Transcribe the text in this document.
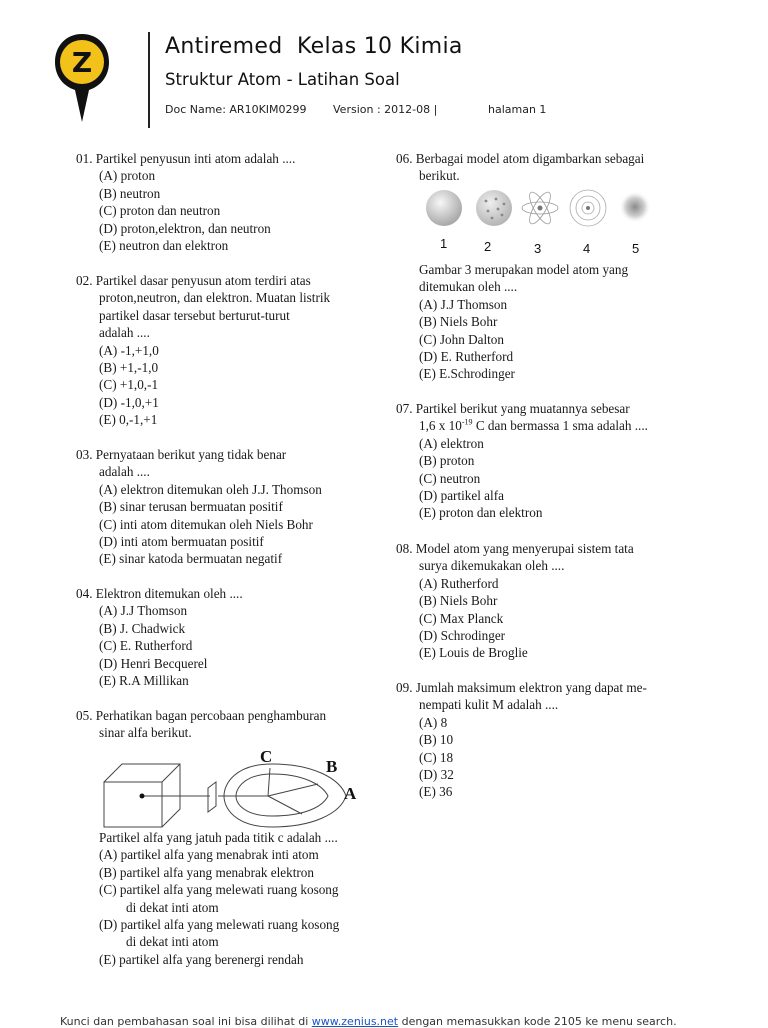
Z	Antiremed  Kelas 10 Kimia
Struktur Atom - Latihan Soal
Doc Name: AR10KIM0299 Version : 2012-08 |	halaman 1
01. Partikel penyusun inti atom adalah ....
(A) proton
(B) neutron
(C) proton dan neutron
(D) proton,elektron, dan neutron
(E) neutron dan elektron
02. Partikel dasar penyusun atom terdiri atas
proton,neutron, dan elektron. Muatan listrik
partikel dasar tersebut berturut-turut
adalah ....
(A) -1,+1,0
(B) +1,-1,0
(C) +1,0,-1
(D) -1,0,+1
(E) 0,-1,+1
03. Pernyataan berikut yang tidak benar
adalah ....
(A) elektron ditemukan oleh J.J. Thomson
(B) sinar terusan bermuatan positif
(C) inti atom ditemukan oleh Niels Bohr
(D) inti atom bermuatan positif
(E) sinar katoda bermuatan negatif
04. Elektron ditemukan oleh ....
(A) J.J Thomson
(B) J. Chadwick
(C) E. Rutherford
(D) Henri Becquerel
(E) R.A Millikan
05. Perhatikan bagan percobaan penghamburan
sinar alfa berikut.
C
B
A
Partikel alfa yang jatuh pada titik c adalah ....
(A) partikel alfa yang menabrak inti atom
(B) partikel alfa yang menabrak elektron
(C) partikel alfa yang melewati ruang kosong
di dekat inti atom
(D) partikel alfa yang melewati ruang kosong
di dekat inti atom
(E) partikel alfa yang berenergi rendah
06. Berbagai model atom digambarkan sebagai
berikut.
1	2	3	4	5
Gambar 3 merupakan model atom yang
ditemukan oleh ....
(A) J.J Thomson
(B) Niels Bohr
(C) John Dalton
(D) E. Rutherford
(E) E.Schrodinger
07. Partikel berikut yang muatannya sebesar
1,6 x $10^{-19}$ C dan bermassa 1 sma adalah ....
(A) elektron
(B) proton
(C) neutron
(D) partikel alfa
(E) proton dan elektron
08. Model atom yang menyerupai sistem tata
surya dikemukakan oleh ....
(A) Rutherford
(B) Niels Bohr
(C) Max Planck
(D) Schrodinger
(E) Louis de Broglie
09. Jumlah maksimum elektron yang dapat me-
nempati kulit M adalah ....
(A) 8
(B) 10
(C) 18
(D) 32
(E) 36
Kunci dan pembahasan soal ini bisa dilihat di www.zenius.net dengan memasukkan kode 2105 ke menu search.
